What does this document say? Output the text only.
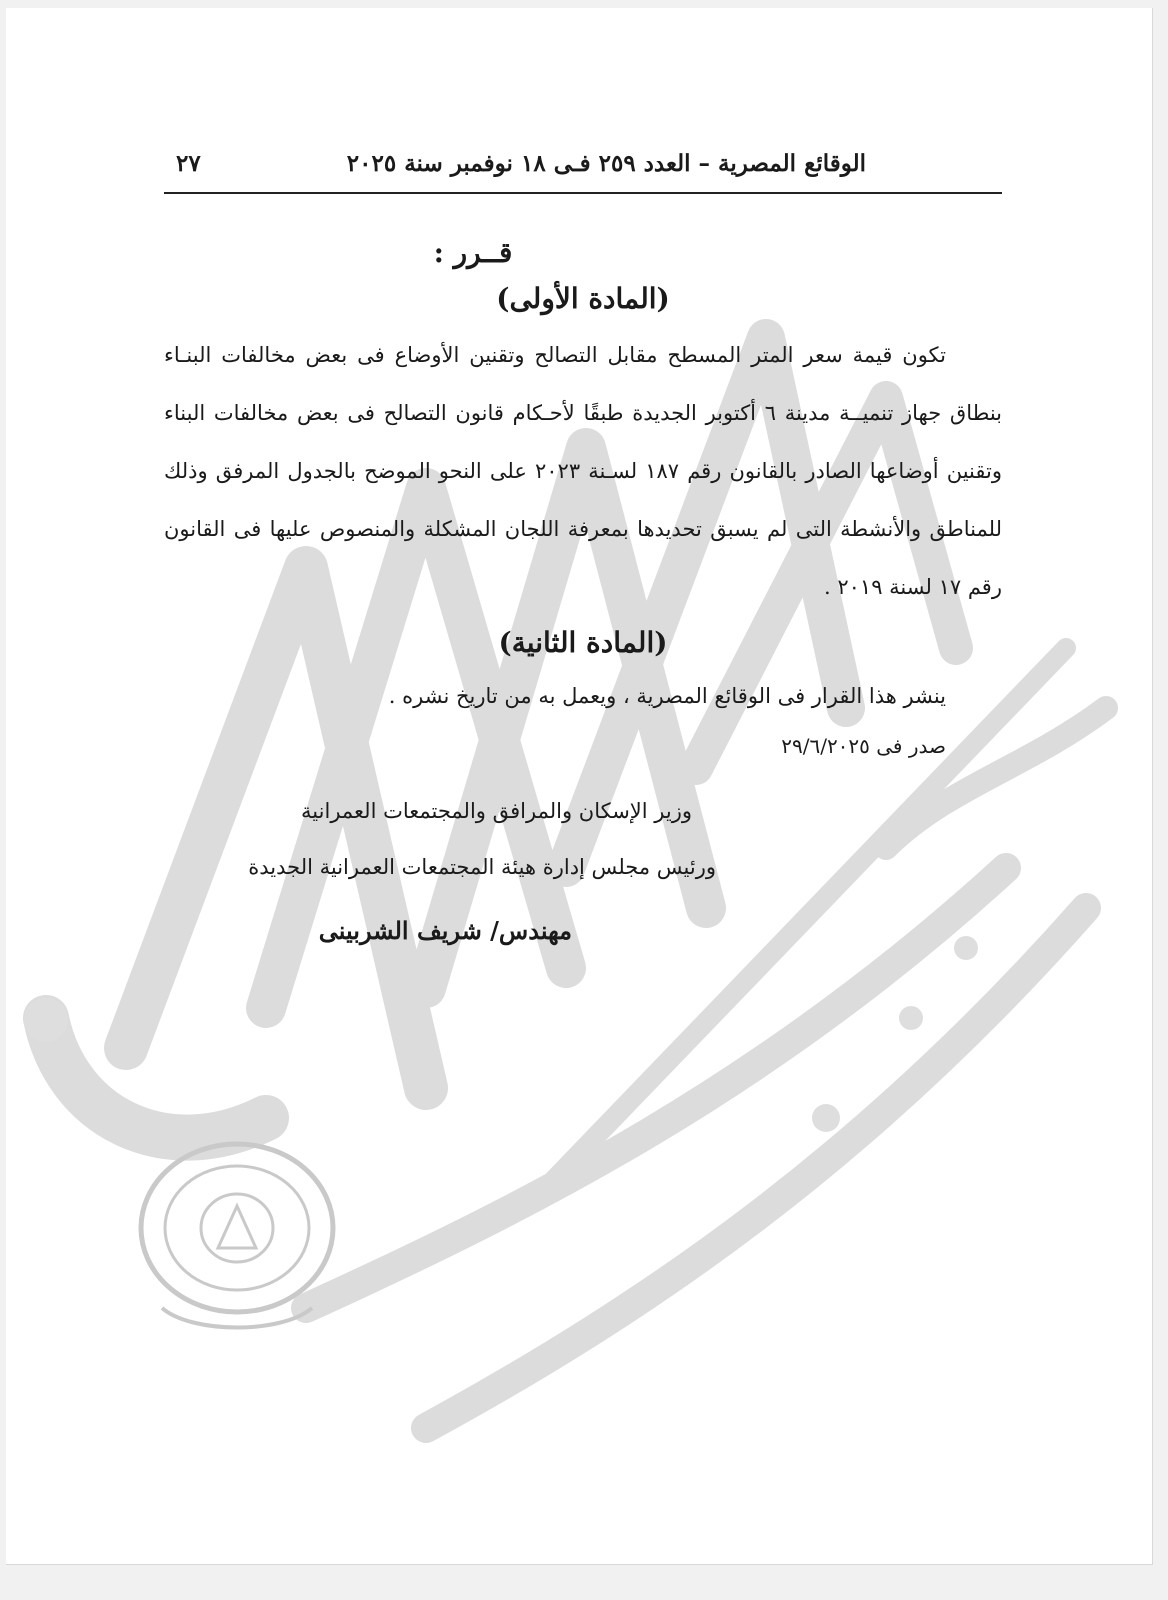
الوقائع المصرية – العدد ٢٥٩ فـى ١٨ نوفمبر سنة ٢٠٢٥
٢٧

قــرر :

(المادة الأولى)

تكون قيمة سعر المتر المسطح مقابل التصالح وتقنين الأوضاع فى بعض مخالفات البنـاء بنطاق جهاز تنميــة مدينة ٦ أكتوبر الجديدة طبقًا لأحـكام قانون التصالح فى بعض مخالفات البناء وتقنين أوضاعها الصادر بالقانون رقم ١٨٧ لسـنة ٢٠٢٣ على النحو الموضح بالجدول المرفق وذلك للمناطق والأنشطة التى لم يسبق تحديدها بمعرفة اللجان المشكلة والمنصوص عليها فى القانون رقم ١٧ لسنة ٢٠١٩ .

(المادة الثانية)

ينشر هذا القرار فى الوقائع المصرية ، ويعمل به من تاريخ نشره .

صدر فى ٢٩/٦/٢٠٢٥

وزير الإسكان والمرافق والمجتمعات العمرانية

ورئيس مجلس إدارة هيئة المجتمعات العمرانية الجديدة

مهندس/ شريف الشربينى
